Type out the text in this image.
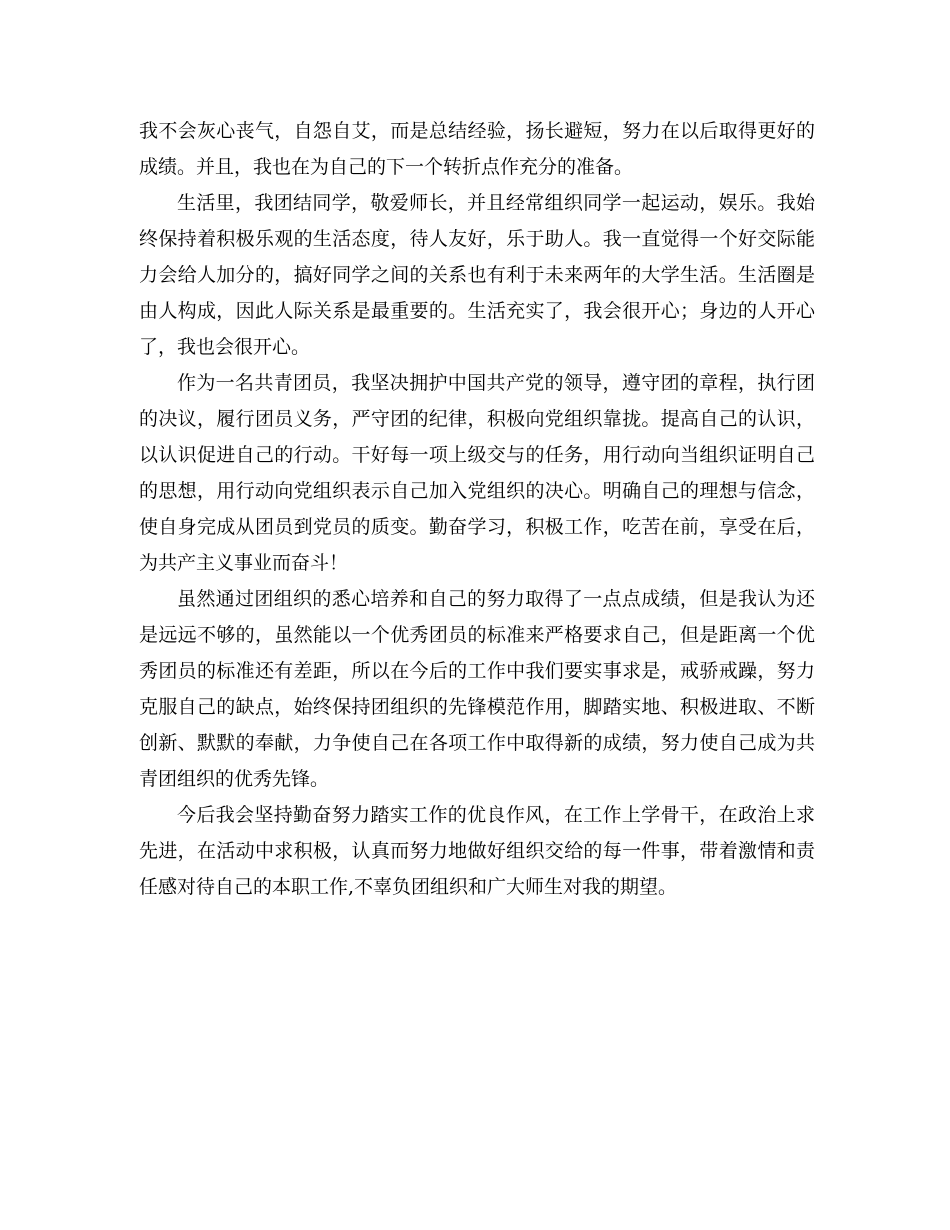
我不会灰心丧气，自怨自艾，而是总结经验，扬长避短，努力在以后取得更好的成绩。并且，我也在为自己的下一个转折点作充分的准备。

生活里，我团结同学，敬爱师长，并且经常组织同学一起运动，娱乐。我始终保持着积极乐观的生活态度，待人友好，乐于助人。我一直觉得一个好交际能力会给人加分的，搞好同学之间的关系也有利于未来两年的大学生活。生活圈是由人构成，因此人际关系是最重要的。生活充实了，我会很开心；身边的人开心了，我也会很开心。

作为一名共青团员，我坚决拥护中国共产党的领导，遵守团的章程，执行团的决议，履行团员义务，严守团的纪律，积极向党组织靠拢。提高自己的认识，以认识促进自己的行动。干好每一项上级交与的任务，用行动向当组织证明自己的思想，用行动向党组织表示自己加入党组织的决心。明确自己的理想与信念，使自身完成从团员到党员的质变。勤奋学习，积极工作，吃苦在前，享受在后，为共产主义事业而奋斗！

虽然通过团组织的悉心培养和自己的努力取得了一点点成绩，但是我认为还是远远不够的，虽然能以一个优秀团员的标准来严格要求自己，但是距离一个优秀团员的标准还有差距，所以在今后的工作中我们要实事求是，戒骄戒躁，努力克服自己的缺点，始终保持团组织的先锋模范作用，脚踏实地、积极进取、不断创新、默默的奉献，力争使自己在各项工作中取得新的成绩，努力使自己成为共青团组织的优秀先锋。

今后我会坚持勤奋努力踏实工作的优良作风，在工作上学骨干，在政治上求先进，在活动中求积极，认真而努力地做好组织交给的每一件事，带着激情和责任感对待自己的本职工作,不辜负团组织和广大师生对我的期望。
